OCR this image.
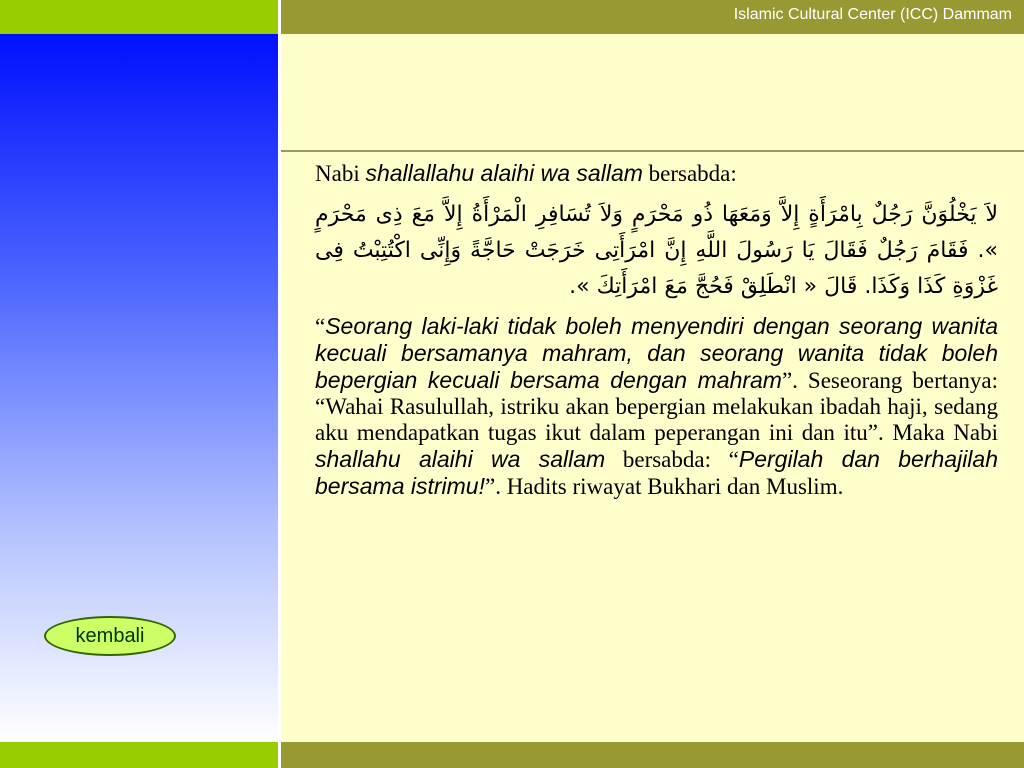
Islamic Cultural Center (ICC) Dammam
kembali

Nabi shallallahu alaihi wa sallam bersabda:

لاَ يَخْلُوَنَّ رَجُلٌ بِامْرَأَةٍ إِلاَّ وَمَعَهَا ذُو مَحْرَمٍ وَلاَ تُسَافِرِ الْمَرْأَةُ إِلاَّ مَعَ ذِى مَحْرَمٍ ». فَقَامَ رَجُلٌ فَقَالَ يَا رَسُولَ اللَّهِ إِنَّ امْرَأَتِى خَرَجَتْ حَاجَّةً وَإِنِّى اكْتُتِبْتُ فِى غَزْوَةِ كَذَا وَكَذَا. قَالَ « انْطَلِقْ فَحُجَّ مَعَ امْرَأَتِكَ ».

“Seorang laki-laki tidak boleh menyendiri dengan seorang wanita kecuali bersamanya mahram, dan seorang wanita tidak boleh bepergian kecuali bersama dengan mahram”. Seseorang bertanya: “Wahai Rasulullah, istriku akan bepergian melakukan ibadah haji, sedang aku mendapatkan tugas ikut dalam peperangan ini dan itu”. Maka Nabi shallahu alaihi wa sallam bersabda: “Pergilah dan berhajilah bersama istrimu!”. Hadits riwayat Bukhari dan Muslim.
